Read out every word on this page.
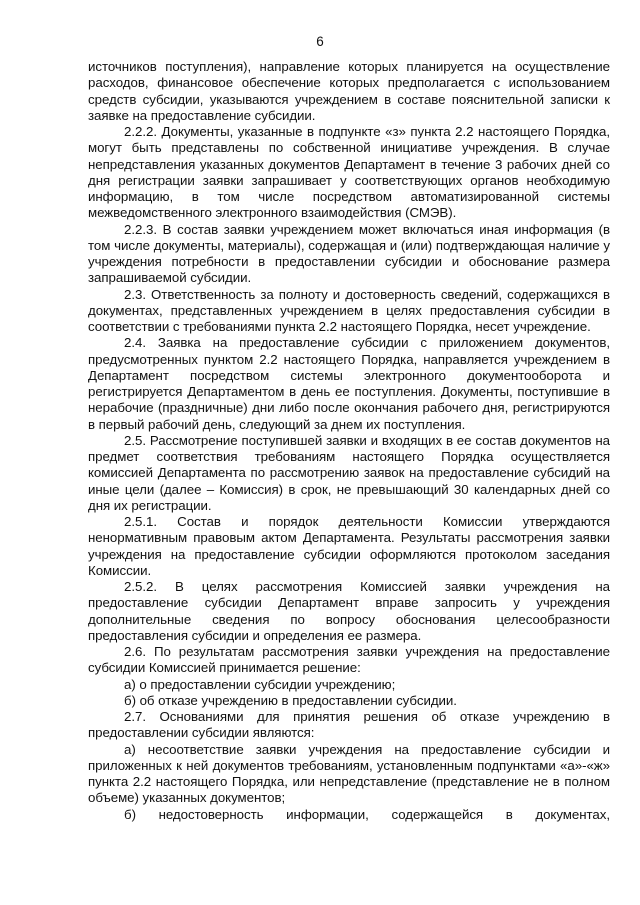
6

источников поступления), направление которых планируется на осуществление расходов, финансовое обеспечение которых предполагается с использованием средств субсидии, указываются учреждением в составе пояснительной записки к заявке на предоставление субсидии.

2.2.2. Документы, указанные в подпункте «з» пункта 2.2 настоящего Порядка, могут быть представлены по собственной инициативе учреждения. В случае непредставления указанных документов Департамент в течение 3 рабочих дней со дня регистрации заявки запрашивает у соответствующих органов необходимую информацию, в том числе посредством автоматизированной системы межведомственного электронного взаимодействия (СМЭВ).

2.2.3. В состав заявки учреждением может включаться иная информация (в том числе документы, материалы), содержащая и (или) подтверждающая наличие у учреждения потребности в предоставлении субсидии и обоснование размера запрашиваемой субсидии.

2.3. Ответственность за полноту и достоверность сведений, содержащихся в документах, представленных учреждением в целях предоставления субсидии в соответствии с требованиями пункта 2.2 настоящего Порядка, несет учреждение.

2.4. Заявка на предоставление субсидии с приложением документов, предусмотренных пунктом 2.2 настоящего Порядка, направляется учреждением в Департамент посредством системы электронного документооборота и регистрируется Департаментом в день ее поступления. Документы, поступившие в нерабочие (праздничные) дни либо после окончания рабочего дня, регистрируются в первый рабочий день, следующий за днем их поступления.

2.5. Рассмотрение поступившей заявки и входящих в ее состав документов на предмет соответствия требованиям настоящего Порядка осуществляется комиссией Департамента по рассмотрению заявок на предоставление субсидий на иные цели (далее – Комиссия) в срок, не превышающий 30 календарных дней со дня их регистрации.

2.5.1. Состав и порядок деятельности Комиссии утверждаются ненормативным правовым актом Департамента. Результаты рассмотрения заявки учреждения на предоставление субсидии оформляются протоколом заседания Комиссии.

2.5.2. В целях рассмотрения Комиссией заявки учреждения на предоставление субсидии Департамент вправе запросить у учреждения дополнительные сведения по вопросу обоснования целесообразности предоставления субсидии и определения ее размера.

2.6. По результатам рассмотрения заявки учреждения на предоставление субсидии Комиссией принимается решение:

а) о предоставлении субсидии учреждению;

б) об отказе учреждению в предоставлении субсидии.

2.7. Основаниями для принятия решения об отказе учреждению в предоставлении субсидии являются:

а) несоответствие заявки учреждения на предоставление субсидии и приложенных к ней документов требованиям, установленным подпунктами «а»-«ж» пункта 2.2 настоящего Порядка, или непредставление (представление не в полном объеме) указанных документов;

б) недостоверность информации, содержащейся в документах,
